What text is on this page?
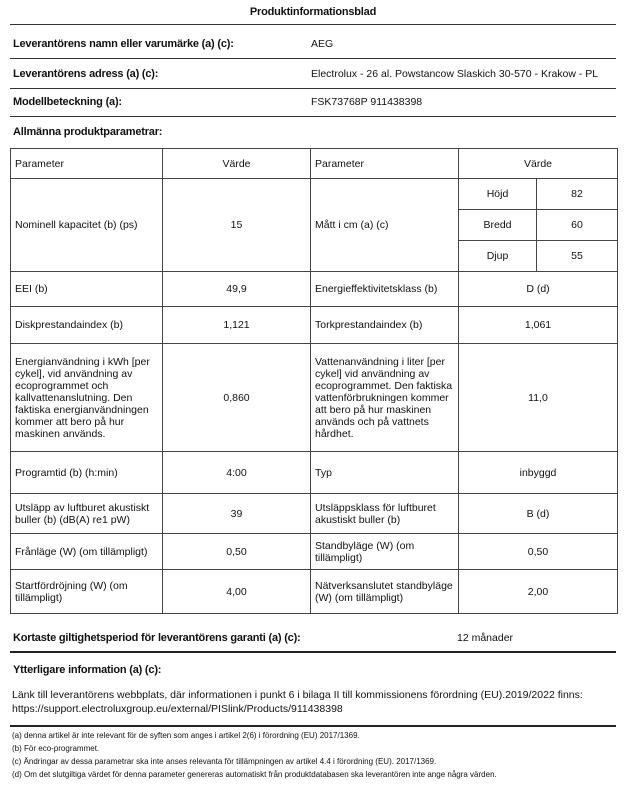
Produktinformationsblad
Leverantörens namn eller varumärke (a) (c):	AEG
Leverantörens adress (a) (c):	Electrolux - 26 al. Powstancow Slaskich 30-570 - Krakow - PL
Modellbeteckning (a):	FSK73768P 911438398
Allmänna produktparametrar:
Parameter	Värde	Parameter	Värde	
Nominell kapacitet (b) (ps)	15	Mått i cm (a) (c)	Höjd	82
			Bredd	60
			Djup	55
EEI (b)	49,9	Energieffektivitetsklass (b)	D (d)	
Diskprestandaindex (b)	1,121	Torkprestandaindex (b)	1,061	
Energianvändning i kWh [per cykel], vid användning av ecoprogrammet och kallvattenanslutning. Den faktiska energianvändningen kommer att bero på hur maskinen används.	0,860	Vattenanvändning i liter [per cykel] vid användning av ecoprogrammet. Den faktiska vattenförbrukningen kommer att bero på hur maskinen används och på vattnets hårdhet.	11,0	
Programtid (b) (h:min)	4:00	Typ	inbyggd	
Utsläpp av luftburet akustiskt buller (b) (dB(A) re1 pW)	39	Utsläppsklass för luftburet akustiskt buller (b)	B (d)	
Frånläge (W) (om tillämpligt)	0,50	Standbyläge (W) (om tillämpligt)	0,50	
Startfördröjning (W) (om tillämpligt)	4,00	Nätverksanslutet standbyläge (W) (om tillämpligt)	2,00	
Kortaste giltighetsperiod för leverantörens garanti (a) (c):	12 månader
Ytterligare information (a) (c):
Länk till leverantörens webbplats, där informationen i punkt 6 i bilaga II till kommissionens förordning (EU).2019/2022 finns: https://support.electroluxgroup.eu/external/PISlink/Products/911438398
(a) denna artikel är inte relevant för de syften som anges i artikel 2(6) i förordning (EU) 2017/1369.
(b) För eco-programmet.
(c) Ändringar av dessa parametrar ska inte anses relevanta för tillämpningen av artikel 4.4 i förordning (EU). 2017/1369.
(d) Om det slutgiltiga värdet för denna parameter genereras automatiskt från produktdatabasen ska leverantören inte ange några värden.
